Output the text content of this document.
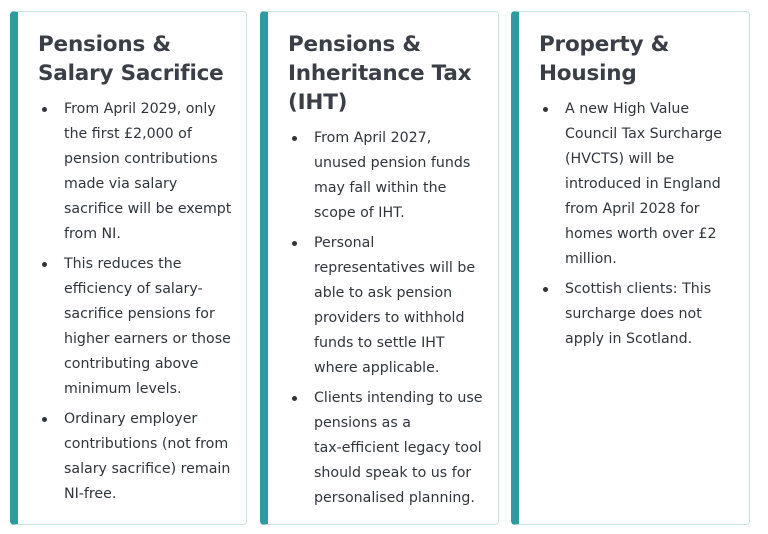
Pensions &
Salary Sacrifice
From April 2029, only
the first £2,000 of
pension contributions
made via salary
sacrifice will be exempt
from NI.
This reduces the
efficiency of salary-
sacrifice pensions for
higher earners or those
contributing above
minimum levels.
Ordinary employer
contributions (not from
salary sacrifice) remain
NI-free.
Pensions &
Inheritance Tax
(IHT)
From April 2027,
unused pension funds
may fall within the
scope of IHT.
Personal
representatives will be
able to ask pension
providers to withhold
funds to settle IHT
where applicable.
Clients intending to use
pensions as a
tax-efficient legacy tool
should speak to us for
personalised planning.
Property &
Housing
A new High Value
Council Tax Surcharge
(HVCTS) will be
introduced in England
from April 2028 for
homes worth over £2
million.
Scottish clients: This
surcharge does not
apply in Scotland.
